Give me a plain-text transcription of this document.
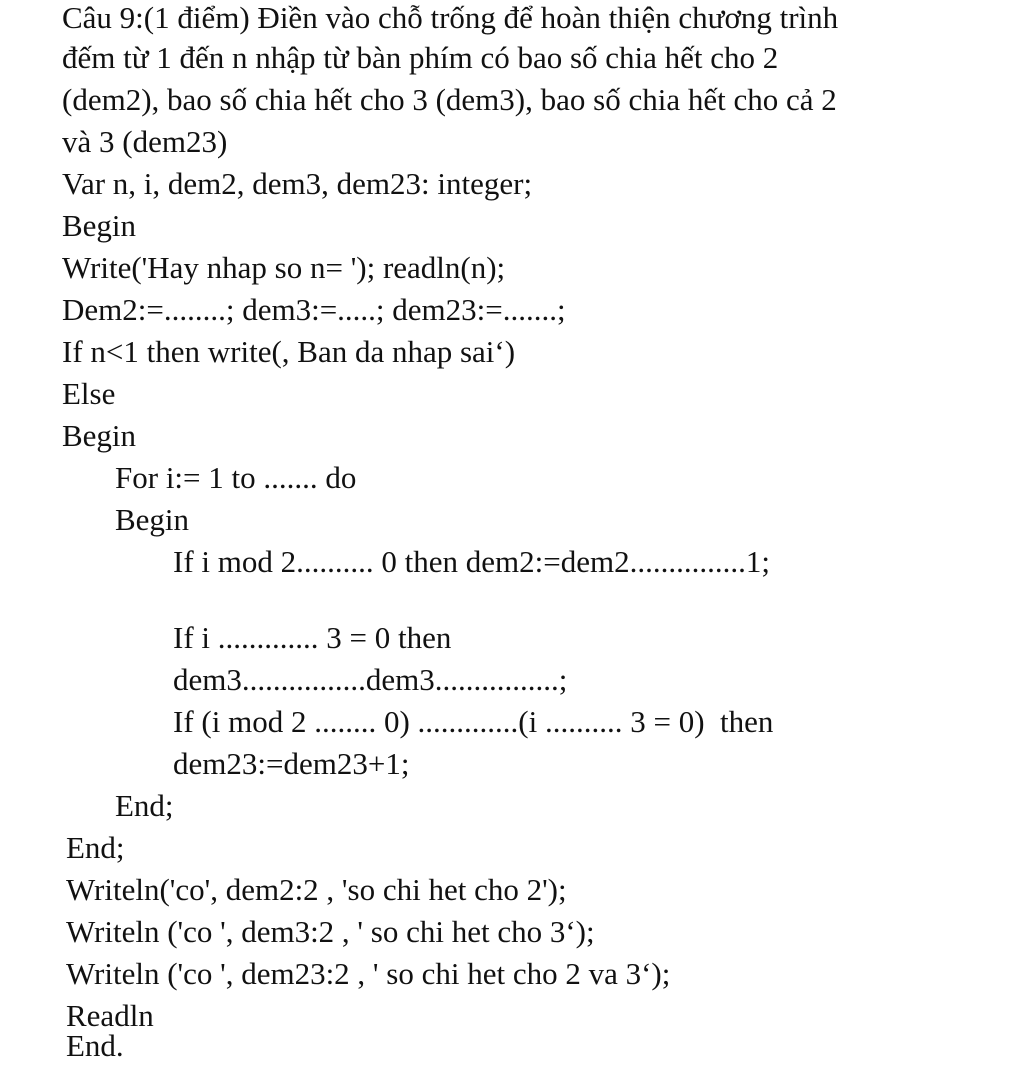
Câu 9:(1 điểm) Điền vào chỗ trống để hoàn thiện chương trình
đếm từ 1 đến n nhập từ bàn phím có bao số chia hết cho 2
(dem2), bao số chia hết cho 3 (dem3), bao số chia hết cho cả 2
và 3 (dem23)
Var n, i, dem2, dem3, dem23: integer;
Begin
Write('Hay nhap so n= '); readln(n);
Dem2:=........; dem3:=.....; dem23:=.......;
If n<1 then write(, Ban da nhap sai‘)
Else
Begin
For i:= 1 to ....... do
Begin
If i mod 2.......... 0 then dem2:=dem2...............1;
If i ............. 3 = 0 then
dem3................dem3................;
If (i mod 2 ........ 0) .............(i .......... 3 = 0)  then
dem23:=dem23+1;
End;
End;
Writeln('co', dem2:2 , 'so chi het cho 2');
Writeln ('co ', dem3:2 , ' so chi het cho 3‘);
Writeln ('co ', dem23:2 , ' so chi het cho 2 va 3‘);
Readln
End.
